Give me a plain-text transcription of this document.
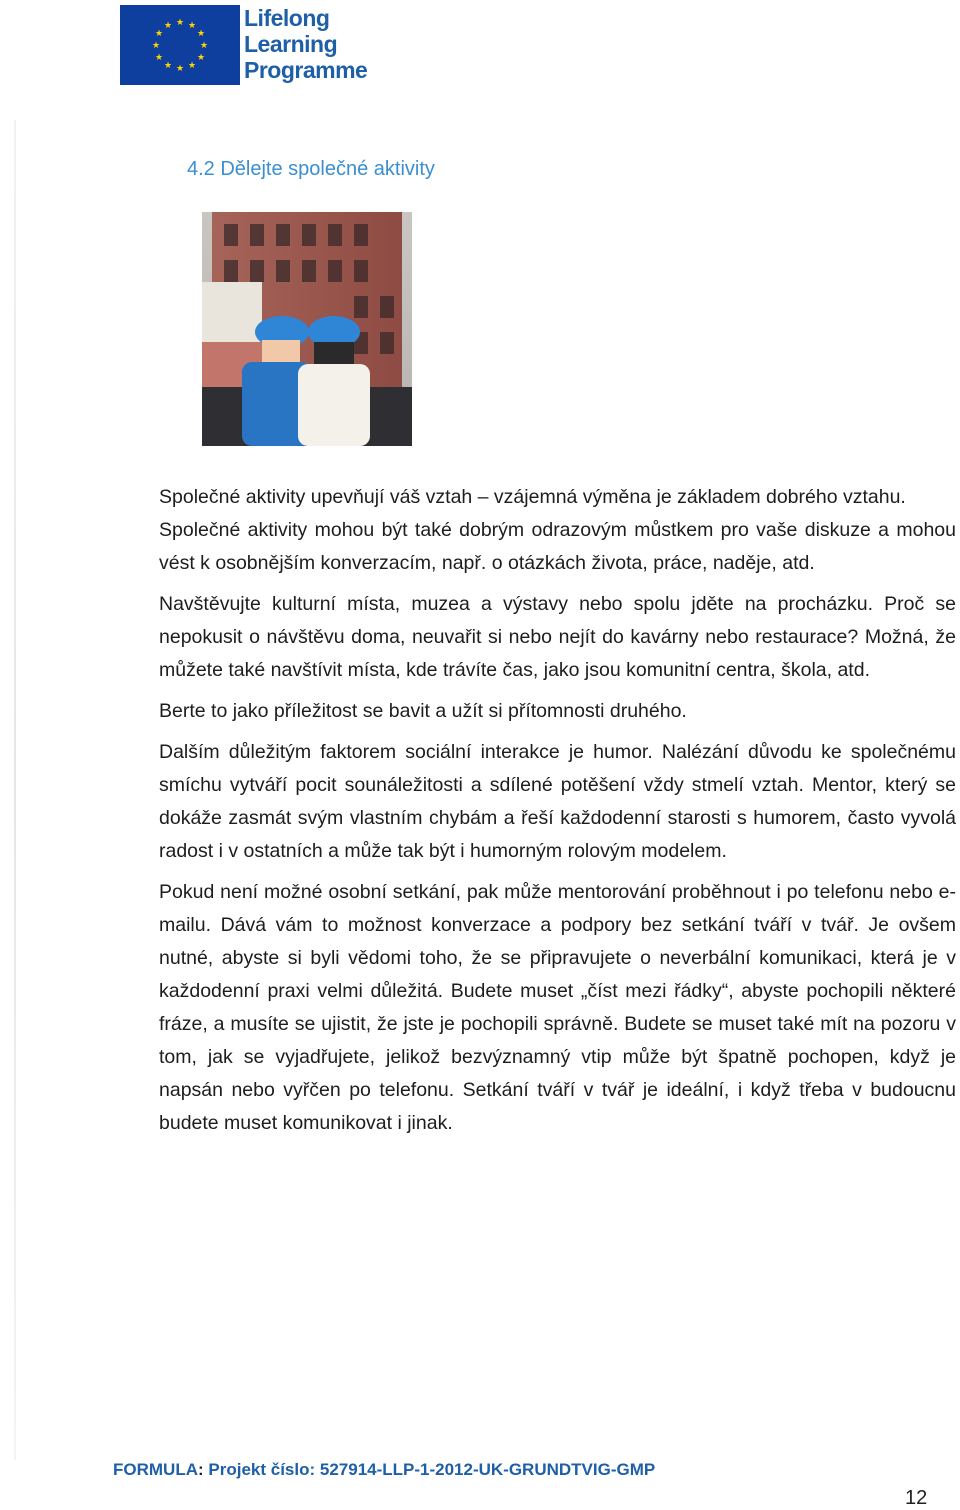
★ ★
★
★
★
★
★
★
★
★
★
★	Lifelong
Learning
Programme
4.2 Dělejte společné aktivity

Společné aktivity upevňují váš vztah – vzájemná výměna je základem dobrého vztahu.

Společné aktivity mohou být také dobrým odrazovým můstkem pro vaše diskuze a mohou vést k osobnějším konverzacím, např. o otázkách života, práce, naděje, atd.

Navštěvujte kulturní místa, muzea a výstavy nebo spolu jděte na procházku. Proč se nepokusit o návštěvu doma, neuvařit si nebo nejít do kavárny nebo restaurace? Možná, že můžete také navštívit místa, kde trávíte čas, jako jsou komunitní centra, škola, atd.

Berte to jako příležitost se bavit a užít si přítomnosti druhého.

Dalším důležitým faktorem sociální interakce je humor. Nalézání důvodu ke společnému smíchu vytváří pocit sounáležitosti a sdílené potěšení vždy stmelí vztah. Mentor, který se dokáže zasmát svým vlastním chybám a řeší každodenní starosti s humorem, často vyvolá radost i v ostatních a může tak být i humorným rolovým modelem.

Pokud není možné osobní setkání, pak může mentorování proběhnout i po telefonu nebo e-mailu. Dává vám to možnost konverzace a podpory bez setkání tváří v tvář. Je ovšem nutné, abyste si byli vědomi toho, že se připravujete o neverbální komunikaci, která je v každodenní praxi velmi důležitá. Budete muset „číst mezi řádky“, abyste pochopili některé fráze, a musíte se ujistit, že jste je pochopili správně. Budete se muset také mít na pozoru v tom, jak se vyjadřujete, jelikož bezvýznamný vtip může být špatně pochopen, když je napsán nebo vyřčen po telefonu. Setkání tváří v tvář je ideální, i když třeba v budoucnu budete muset komunikovat i jinak.

FORMULA: Projekt číslo: 527914-LLP-1-2012-UK-GRUNDTVIG-GMP
12
